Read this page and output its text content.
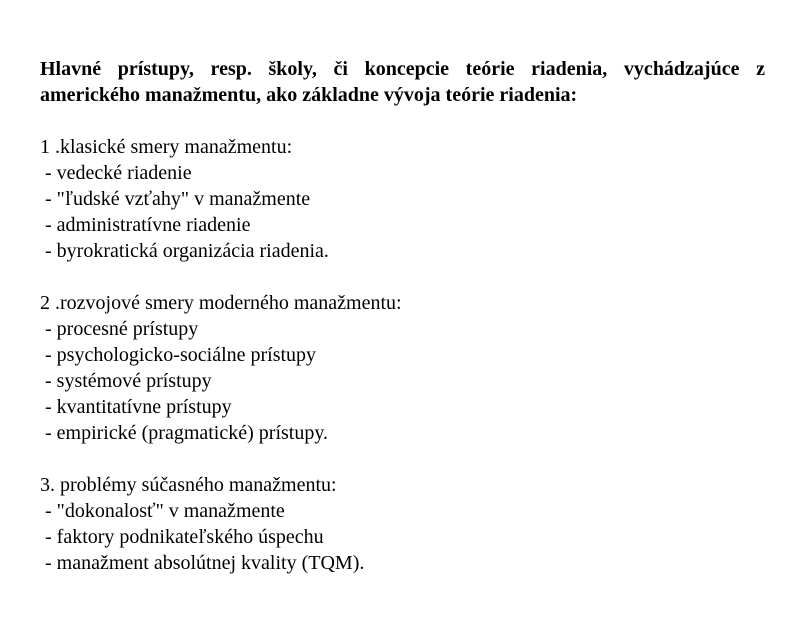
Hlavné prístupy, resp. školy, či koncepcie teórie riadenia, vychádzajúce z
amerického manažmentu, ako základne vývoja teórie riadenia:

1 .klasické smery manažmentu:

- vedecké riadenie
- "ľudské vzťahy" v manažmente
- administratívne riadenie
- byrokratická organizácia riadenia.

2 .rozvojové smery moderného manažmentu:

- procesné prístupy
- psychologicko-sociálne prístupy
- systémové prístupy
- kvantitatívne prístupy
- empirické (pragmatické) prístupy.

3. problémy súčasného manažmentu:

- "dokonalosť" v manažmente
- faktory podnikateľského úspechu
- manažment absolútnej kvality (TQM).
